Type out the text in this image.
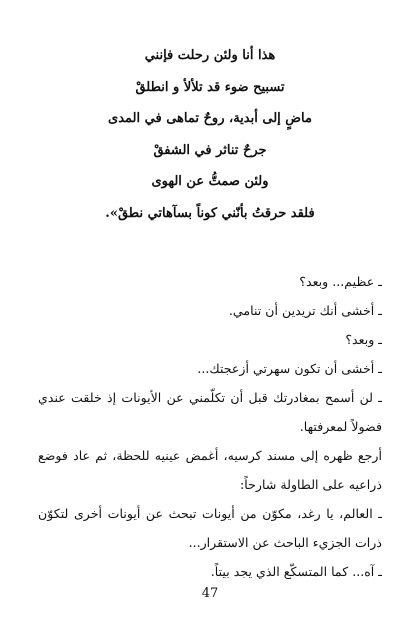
هذا أنا ولئن رحلت فإنني
تسبيح ضوء قد تلألأ و انطلقْ
ماضٍ إلى أبدية، روحٌ تماهى في المدى
جرحٌ تناثر في الشفقْ
ولئن صمتُّ عن الهوى
فلقد حرقتُ بأنّني كوناً بسآهاتي نطقْ».

ـ عظيم... وبعد؟

ـ أخشى أنك تريدين أن تنامي.

ـ وبعد؟

ـ أخشى أن تكون سهرتي أزعجتك...

ـ لن أسمح بمغادرتك قبل أن تكلّمني عن الأيونات إذ خلقت عندي فضولاً لمعرفتها.

أرجع ظهره إلى مسند كرسيه، أغمض عينيه للحظة، ثم عاد فوضع ذراعيه على الطاولة شارحاً:

ـ العالم، يا رغد، مكوّن من أيونات تبحث عن أيونات أخرى لتكوّن ذرات الجزيء الباحث عن الاستقرار...

ـ آه... كما المتسكّع الذي يجد بيتاً.

47
